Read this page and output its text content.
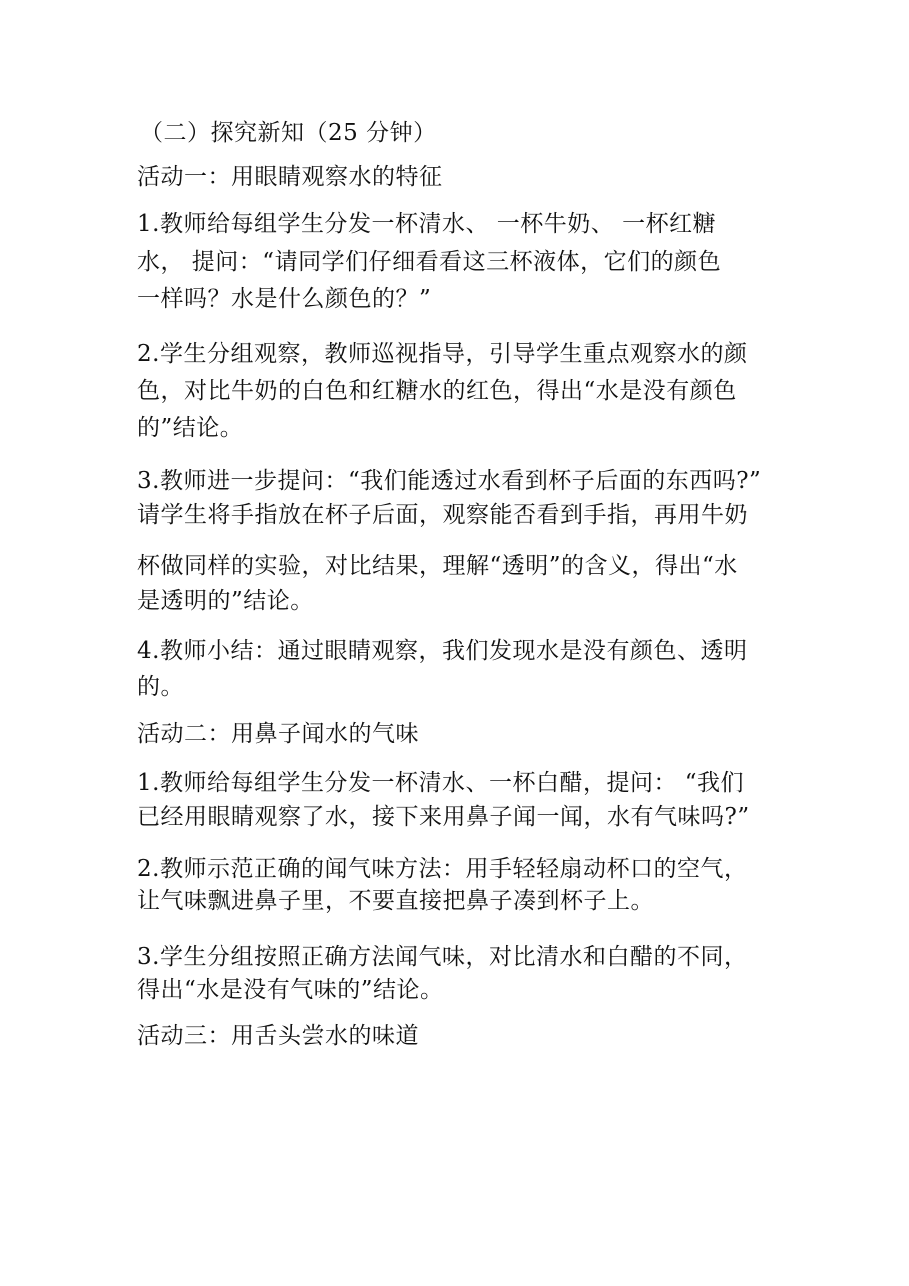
（二）探究新知（25 分钟）
活动一：用眼睛观察水的特征
1.教师给每组学生分发一杯清水、 一杯牛奶、 一杯红糖
水， 提问：“请同学们仔细看看这三杯液体，它们的颜色
一样吗？水是什么颜色的？”
2.学生分组观察，教师巡视指导，引导学生重点观察水的颜
色，对比牛奶的白色和红糖水的红色，得出“水是没有颜色
的”结论。
3.教师进一步提问：“我们能透过水看到杯子后面的东西吗?”
请学生将手指放在杯子后面，观察能否看到手指，再用牛奶
杯做同样的实验，对比结果，理解“透明”的含义，得出“水
是透明的”结论。
4.教师小结：通过眼睛观察，我们发现水是没有颜色、透明
的。
活动二：用鼻子闻水的气味
1.教师给每组学生分发一杯清水、一杯白醋，提问： “我们
已经用眼睛观察了水，接下来用鼻子闻一闻，水有气味吗?”
2.教师示范正确的闻气味方法：用手轻轻扇动杯口的空气，
让气味飘进鼻子里，不要直接把鼻子凑到杯子上。
3.学生分组按照正确方法闻气味，对比清水和白醋的不同，
得出“水是没有气味的”结论。
活动三：用舌头尝水的味道
